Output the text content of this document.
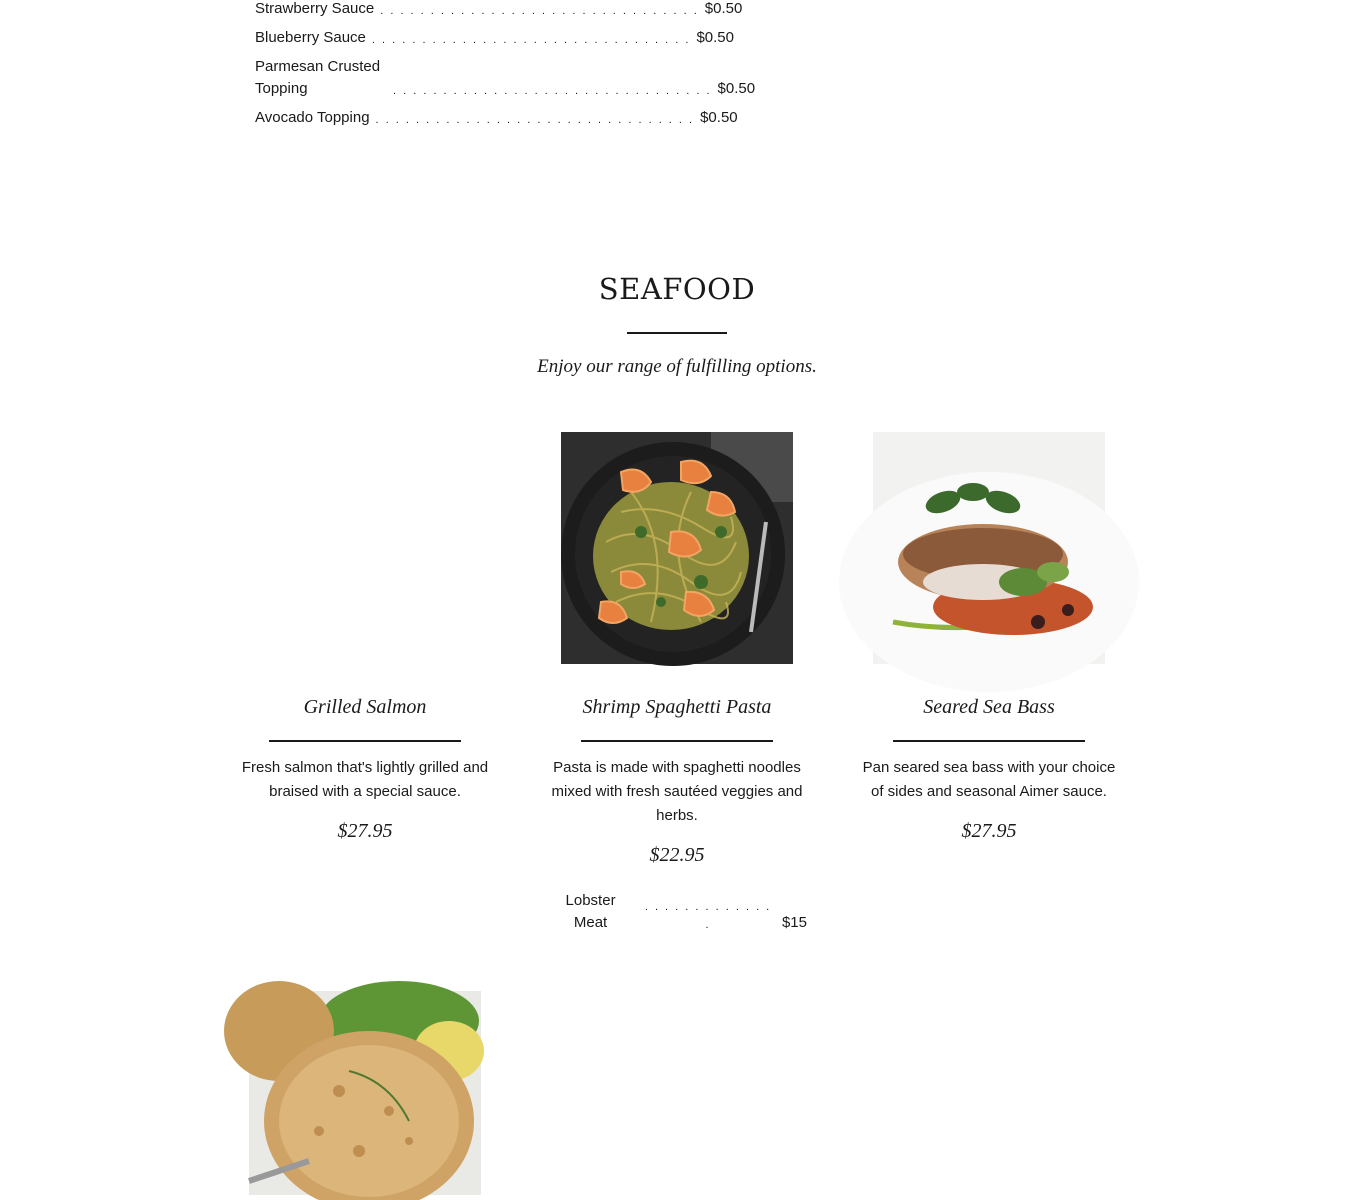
Strawberry Sauce . . . . . . . . . . . . . . . . . . . . . . . . . . . . . . . . $0.50
Blueberry Sauce . . . . . . . . . . . . . . . . . . . . . . . . . . . . . . . . $0.50
Parmesan Crusted Topping	. . . . . . . . . . . . . . . . . . . . . . . . . . . . . . . . $0.50
Avocado Topping . . . . . . . . . . . . . . . . . . . . . . . . . . . . . . . . $0.50
SEAFOOD
Enjoy our range of fulfilling options.
Grilled Salmon
Fresh salmon that's lightly grilled and braised with a special sauce.
$27.95
Shrimp Spaghetti Pasta
Pasta is made with spaghetti noodles mixed with fresh sautéed veggies and herbs.
$22.95
Lobster Meat
. . . . . . . . . . . . . .	$15
Seared Sea Bass
Pan seared sea bass with your choice of sides and seasonal Aimer sauce.
$27.95
